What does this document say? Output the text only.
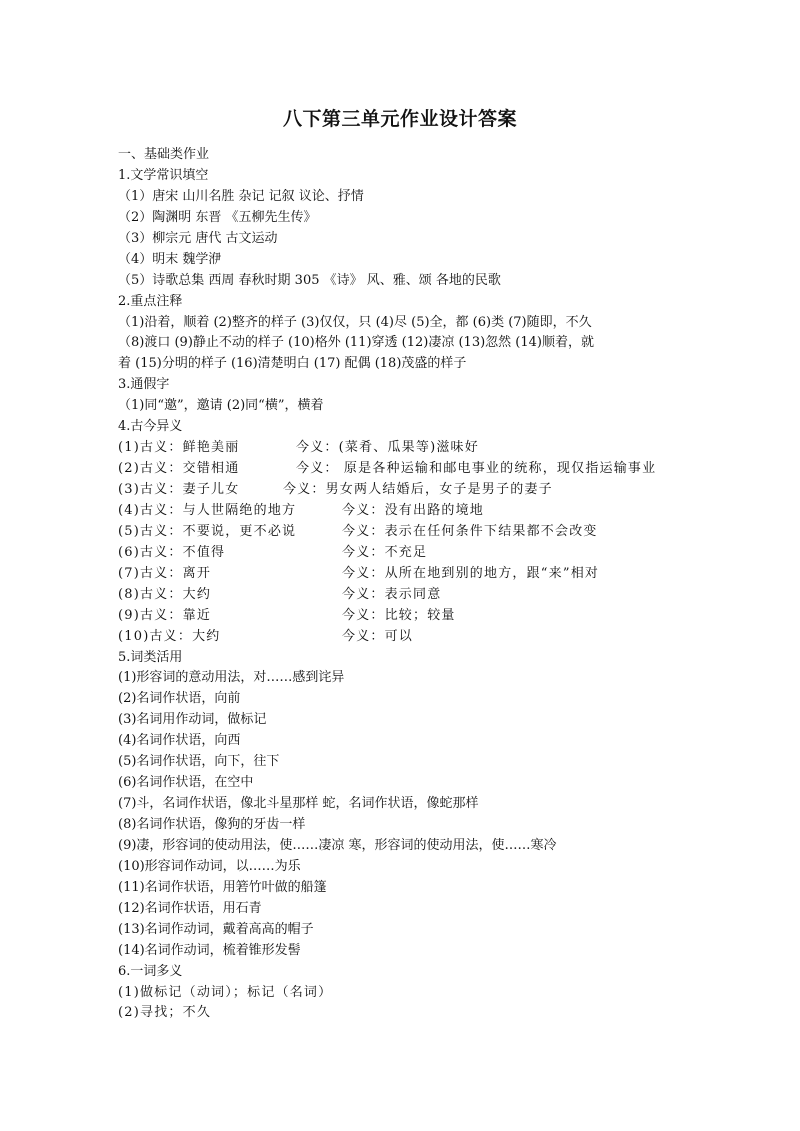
八下第三单元作业设计答案
一、基础类作业
1.文学常识填空
（1）唐宋 山川名胜 杂记 记叙 议论、抒情
（2）陶渊明 东晋 《五柳先生传》
（3）柳宗元 唐代 古文运动
（4）明末 魏学洢
（5）诗歌总集 西周 春秋时期 305 《诗》 风、雅、颂 各地的民歌
2.重点注释
（1)沿着，顺着 (2)整齐的样子 (3)仅仅，只 (4)尽 (5)全，都 (6)类 (7)随即，不久
（8)渡口 (9)静止不动的样子 (10)格外 (11)穿透 (12)凄凉 (13)忽然 (14)顺着，就
着 (15)分明的样子 (16)清楚明白 (17) 配偶 (18)茂盛的样子
3.通假字
（1)同“邀”，邀请 (2)同“横”，横着
4.古今异义
(1)古义：鲜艳美丽	今义：(菜肴、瓜果等)滋味好
(2)古义：交错相通	今义： 原是各种运输和邮电事业的统称，现仅指运输事业
(3)古义：妻子儿女	今义：男女两人结婚后，女子是男子的妻子
(4)古义：与人世隔绝的地方	今义：没有出路的境地
(5)古义：不要说，更不必说	今义：表示在任何条件下结果都不会改变
(6)古义：不值得	今义：不充足
(7)古义：离开	今义：从所在地到别的地方，跟“来”相对
(8)古义：大约	今义：表示同意
(9)古义：靠近	今义：比较；较量
(10)古义：大约	今义：可以
5.词类活用
(1)形容词的意动用法，对……感到诧异
(2)名词作状语，向前
(3)名词用作动词，做标记
(4)名词作状语，向西
(5)名词作状语，向下，往下
(6)名词作状语，在空中
(7)斗，名词作状语，像北斗星那样 蛇，名词作状语，像蛇那样
(8)名词作状语，像狗的牙齿一样
(9)凄，形容词的使动用法，使……凄凉 寒，形容词的使动用法，使……寒冷
(10)形容词作动词，以……为乐
(11)名词作状语，用箬竹叶做的船篷
(12)名词作状语，用石青
(13)名词作动词，戴着高高的帽子
(14)名词作动词，梳着锥形发髻
6.一词多义
(1)做标记（动词）；标记（名词）
(2)寻找；不久
